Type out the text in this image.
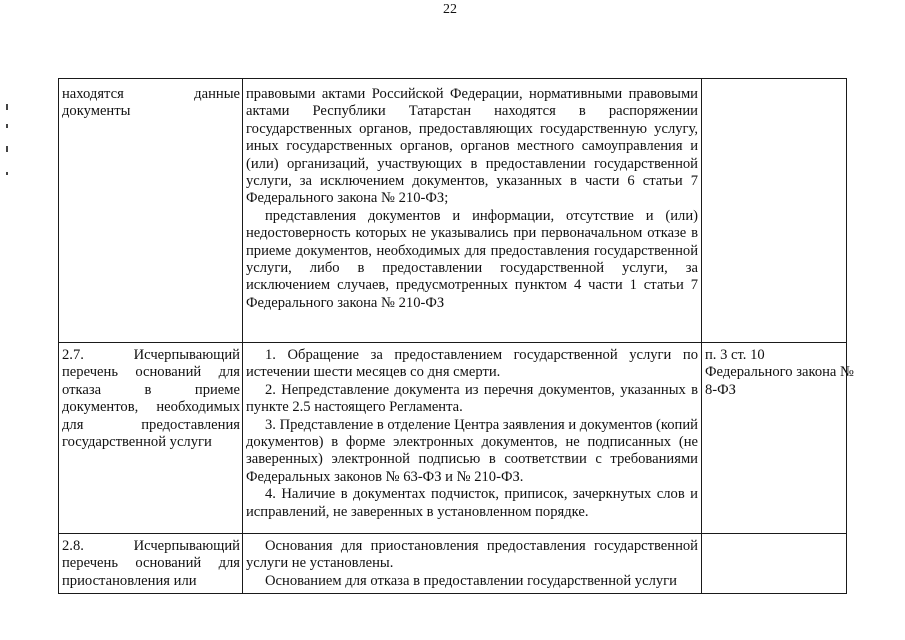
22

находятся данные

документы

правовыми актами Российской Федерации, нормативными правовыми актами Республики Татарстан находятся в распоряжении государственных органов, предоставляющих государственную услугу, иных государственных органов, органов местного самоуправления и (или) организаций, участвующих в предоставлении государственной услуги, за исключением документов, указанных в части 6 статьи 7 Федерального закона № 210-ФЗ;

представления документов и информации, отсутствие и (или) недостоверность которых не указывались при первоначальном отказе в приеме документов, необходимых для предоставления государственной услуги, либо в предоставлении государственной услуги, за исключением случаев, предусмотренных пунктом 4 части 1 статьи 7 Федерального закона № 210-ФЗ

2.7. Исчерпывающий перечень оснований для отказа в приеме документов, необходимых для предоставления государственной услуги

1. Обращение за предоставлением государственной услуги по истечении шести месяцев со дня смерти.

2. Непредставление документа из перечня документов, указанных в пункте 2.5 настоящего Регламента.

3. Представление в отделение Центра заявления и документов (копий документов) в форме электронных документов, не подписанных (не заверенных) электронной подписью в соответствии с требованиями Федеральных законов № 63-ФЗ и № 210-ФЗ.

4. Наличие в документах подчисток, приписок, зачеркнутых слов и исправлений, не заверенных в установленном порядке.

п. 3 ст. 10 Федерального закона № 8-ФЗ
2.8. Исчерпывающий перечень оснований для приостановления или

Основания для приостановления предоставления государственной услуги не установлены.

Основанием для отказа в предоставлении государственной услуги
